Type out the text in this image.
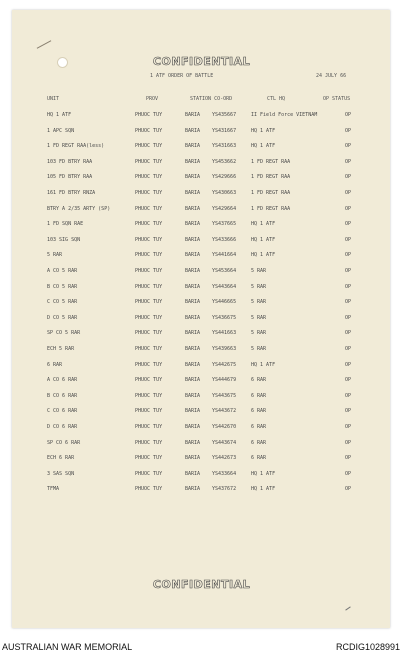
CONFIDENTIAL
1 ATF ORDER OF BATTLE	24 JULY 66
UNIT	PROV	STATION CO-ORD	CTL HQ	OP STATUS
HQ 1 ATF	PHUOC TUY	BARIA YS435667	II Field Force VIETNAM	OP
1 APC SQN	PHUOC TUY	BARIA YS431667	HQ 1 ATF	OP
1 FD REGT RAA(less)	PHUOC TUY	BARIA YS431663	HQ 1 ATF	OP
103 FD BTRY RAA	PHUOC TUY	BARIA YS453662	1 FD REGT RAA	OP
105 FD BTRY RAA	PHUOC TUY	BARIA YS429666	1 FD REGT RAA	OP
161 FD BTRY RNZA	PHUOC TUY	BARIA YS430663	1 FD REGT RAA	OP
BTRY A 2/35 ARTY (SP)	PHUOC TUY	BARIA YS429664	1 FD REGT RAA	OP
1 FD SQN RAE	PHUOC TUY	BARIA YS437665	HQ 1 ATF	OP
103 SIG SQN	PHUOC TUY	BARIA YS433666	HQ 1 ATF	OP
5 RAR	PHUOC TUY	BARIA YS441664	HQ 1 ATF	OP
A CO 5 RAR	PHUOC TUY	BARIA YS453664	5 RAR	OP
B CO 5 RAR	PHUOC TUY	BARIA YS443664	5 RAR	OP
C CO 5 RAR	PHUOC TUY	BARIA YS446665	5 RAR	OP
D CO 5 RAR	PHUOC TUY	BARIA YS436675	5 RAR	OP
SP CO 5 RAR	PHUOC TUY	BARIA YS441663	5 RAR	OP
ECH 5 RAR	PHUOC TUY	BARIA YS439663	5 RAR	OP
6 RAR	PHUOC TUY	BARIA YS442675	HQ 1 ATF	OP
A CO 6 RAR	PHUOC TUY	BARIA YS444679	6 RAR	OP
B CO 6 RAR	PHUOC TUY	BARIA YS443675	6 RAR	OP
C CO 6 RAR	PHUOC TUY	BARIA YS443672	6 RAR	OP
D CO 6 RAR	PHUOC TUY	BARIA YS442670	6 RAR	OP
SP CO 6 RAR	PHUOC TUY	BARIA YS443674	6 RAR	OP
ECH 6 RAR	PHUOC TUY	BARIA YS442673	6 RAR	OP
3 SAS SQN	PHUOC TUY	BARIA YS433664	HQ 1 ATF	OP
TFMA	PHUOC TUY	BARIA YS437672	HQ 1 ATF	OP
CONFIDENTIAL
AUSTRALIAN WAR MEMORIAL	RCDIG1028991
